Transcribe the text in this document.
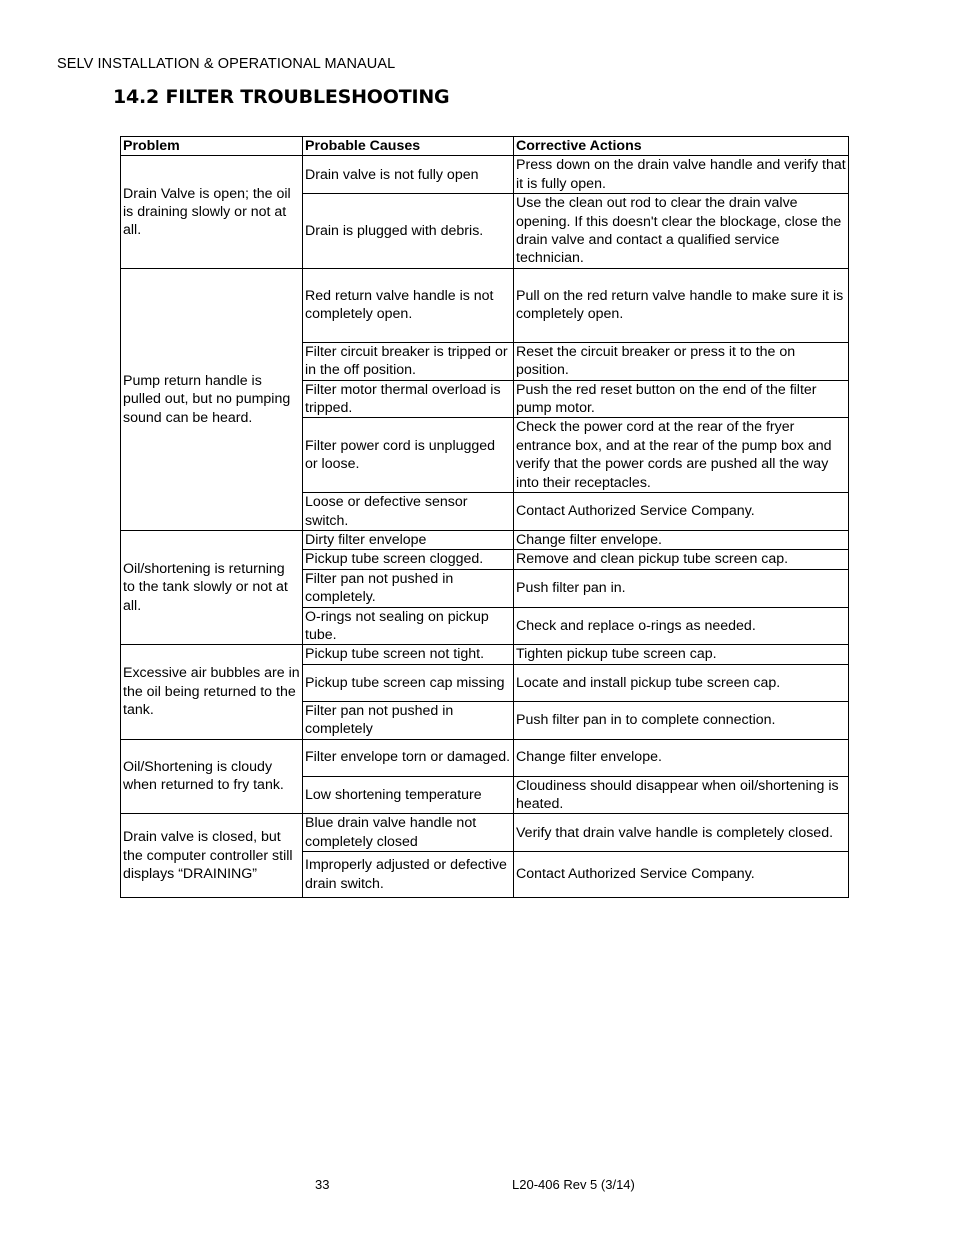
SELV INSTALLATION & OPERATIONAL MANAUAL
14.2 FILTER TROUBLESHOOTING
Problem	Probable Causes	Corrective Actions
Drain Valve is open; the oil is draining slowly or not at all.	Drain valve is not fully open	Press down on the drain valve handle and verify that it is fully open.
	Drain is plugged with debris.	Use the clean out rod to clear the drain valve opening. If this doesn't clear the blockage, close the drain valve and contact a qualified service technician.
Pump return handle is pulled out, but no pumping sound can be heard.	Red return valve handle is not completely open.	Pull on the red return valve handle to make sure it is completely open.
	Filter circuit breaker is tripped or in the off position.	Reset the circuit breaker or press it to the on position.
	Filter motor thermal overload is tripped.	Push the red reset button on the end of the filter pump motor.
	Filter power cord is unplugged or loose.	Check the power cord at the rear of the fryer entrance box, and at the rear of the pump box and verify that the power cords are pushed all the way into their receptacles.
	Loose or defective sensor switch.	Contact Authorized Service Company.
Oil/shortening is returning to the tank slowly or not at all.	Dirty filter envelope	Change filter envelope.
	Pickup tube screen clogged.	Remove and clean pickup tube screen cap.
	Filter pan not pushed in completely.	Push filter pan in.
	O-rings not sealing on pickup tube.	Check and replace o-rings as needed.
Excessive air bubbles are in the oil being returned to the tank.	Pickup tube screen not tight.	Tighten pickup tube screen cap.
	Pickup tube screen cap missing	Locate and install pickup tube screen cap.
	Filter pan not pushed in completely	Push filter pan in to complete connection.
Oil/Shortening is cloudy when returned to fry tank.	Filter envelope torn or damaged.	Change filter envelope.
	Low shortening temperature	Cloudiness should disappear when oil/shortening is heated.
Drain valve is closed, but the computer controller still displays “DRAINING”	Blue drain valve handle not completely closed	Verify that drain valve handle is completely closed.
	Improperly adjusted or defective drain switch.	Contact Authorized Service Company.
33	L20-406 Rev 5 (3/14)
